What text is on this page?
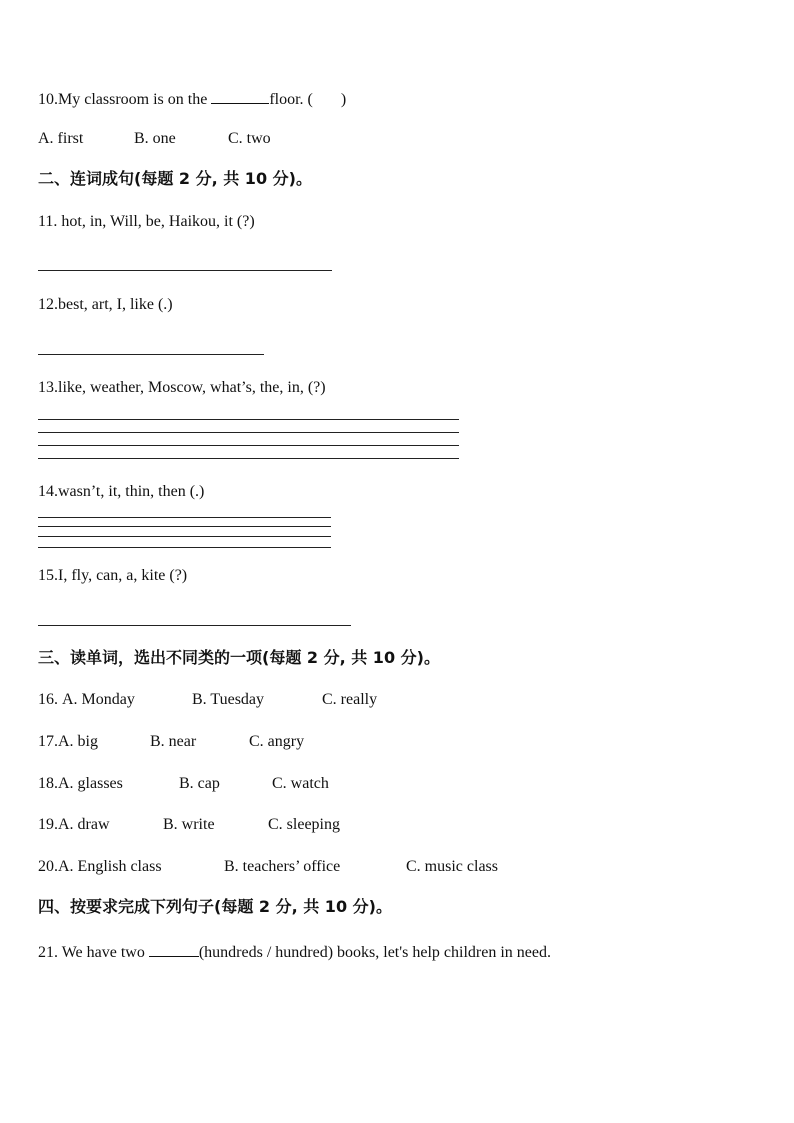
10.My classroom is on the	floor. ( )
A. first	B. one	C. two
二、连词成句(每题 2 分, 共 10 分)。
11. hot, in, Will, be, Haikou, it (?)
12.best, art, I, like (.)
13.like, weather, Moscow, what’s, the, in, (?)
14.wasn’t, it, thin, then (.)
15.I, fly, can, a, kite (?)
三、读单词，选出不同类的一项(每题 2 分, 共 10 分)。
16. A. Monday	B. Tuesday	C. really
17.A. big	B. near	C. angry
18.A. glasses	B. cap	C. watch
19.A. draw	B. write	C. sleeping
20.A. English class	B. teachers’ office	C. music class
四、按要求完成下列句子(每题 2 分, 共 10 分)。
21. We have two	(hundreds / hundred) books, let's help children in need.
